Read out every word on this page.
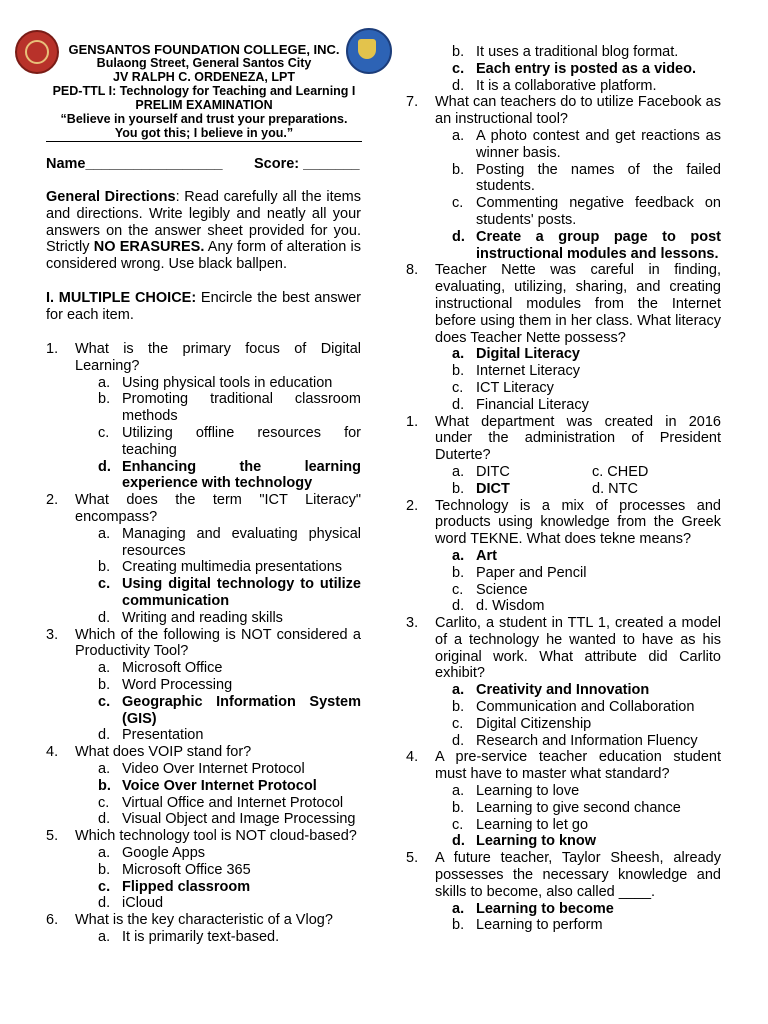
GENSANTOS FOUNDATION COLLEGE, INC.
Bulaong Street, General Santos City
JV RALPH C. ORDENEZA, LPT
PED-TTL I: Technology for Teaching and Learning I
PRELIM EXAMINATION
“Believe in yourself and trust your preparations.
You got this; I believe in you.”
Name_________________ Score: _______
General Directions: Read carefully all the items and directions. Write legibly and neatly all your answers on the answer sheet provided for you. Strictly NO ERASURES. Any form of alteration is considered wrong. Use black ballpen.
I. MULTIPLE CHOICE: Encircle the best answer for each item.
1. What is the primary focus of Digital Learning?
a. Using physical tools in education
b. Promoting traditional classroom methods
c. Utilizing offline resources for teaching
d. Enhancing the learning experience with technology
2. What does the term "ICT Literacy" encompass?
a. Managing and evaluating physical resources
b. Creating multimedia presentations
c. Using digital technology to utilize communication
d. Writing and reading skills
3. Which of the following is NOT considered a Productivity Tool?
a. Microsoft Office
b. Word Processing
c. Geographic Information System (GIS)
d. Presentation
4. What does VOIP stand for?
a. Video Over Internet Protocol
b. Voice Over Internet Protocol
c. Virtual Office and Internet Protocol
d. Visual Object and Image Processing
5. Which technology tool is NOT cloud-based?
a. Google Apps
b. Microsoft Office 365
c. Flipped classroom
d. iCloud
6. What is the key characteristic of a Vlog?
a. It is primarily text-based.
b. It uses a traditional blog format.
c. Each entry is posted as a video.
d. It is a collaborative platform.
7. What can teachers do to utilize Facebook as an instructional tool?
a. A photo contest and get reactions as winner basis.
b. Posting the names of the failed students.
c. Commenting negative feedback on students' posts.
d. Create a group page to post instructional modules and lessons.
8. Teacher Nette was careful in finding, evaluating, utilizing, sharing, and creating instructional modules from the Internet before using them in her class. What literacy does Teacher Nette possess?
a. Digital Literacy
b. Internet Literacy
c. ICT Literacy
d. Financial Literacy
1. What department was created in 2016 under the administration of President Duterte?
a. DITC	c. CHED
b. DICT	d. NTC
2. Technology is a mix of processes and products using knowledge from the Greek word TEKNE. What does tekne means?
a. Art
b. Paper and Pencil
c. Science
d. d. Wisdom
3. Carlito, a student in TTL 1, created a model of a technology he wanted to have as his original work. What attribute did Carlito exhibit?
a. Creativity and Innovation
b. Communication and Collaboration
c. Digital Citizenship
d. Research and Information Fluency
4. A pre-service teacher education student must have to master what standard?
a. Learning to love
b. Learning to give second chance
c. Learning to let go
d. Learning to know
5. A future teacher, Taylor Sheesh, already possesses the necessary knowledge and skills to become, also called ____.
a. Learning to become
b. Learning to perform
